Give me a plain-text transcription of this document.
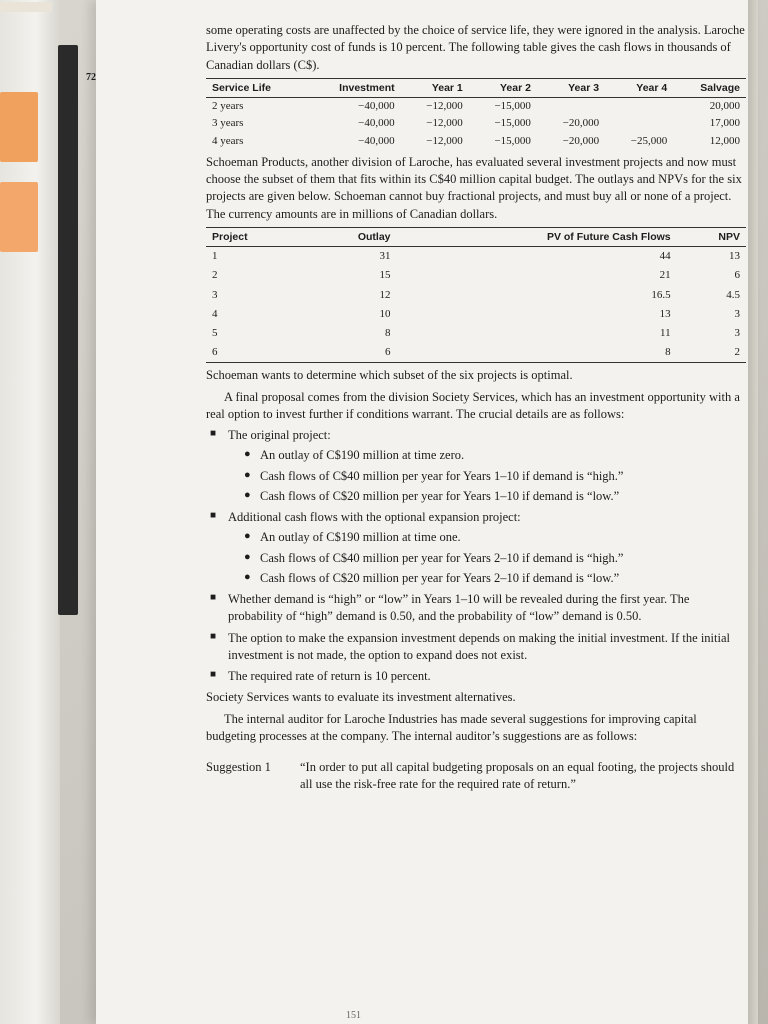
72

some operating costs are unaffected by the choice of service life, they were ignored in the analysis. Laroche Livery's opportunity cost of funds is 10 percent. The following table gives the cash flows in thousands of Canadian dollars (C$).

Service Life	Investment	Year 1	Year 2	Year 3	Year 4	Salvage
2 years	−40,000	−12,000	−15,000			20,000
3 years	−40,000	−12,000	−15,000	−20,000		17,000
4 years	−40,000	−12,000	−15,000	−20,000	−25,000	12,000

Schoeman Products, another division of Laroche, has evaluated several investment projects and now must choose the subset of them that fits within its C$40 million capital budget. The outlays and NPVs for the six projects are given below. Schoeman cannot buy fractional projects, and must buy all or none of a project. The currency amounts are in millions of Canadian dollars.

Project	Outlay	PV of Future Cash Flows	NPV
1	31	44	13
2	15	21	6
3	12	16.5	4.5
4	10	13	3
5	8	11	3
6	6	8	2

Schoeman wants to determine which subset of the six projects is optimal.

A final proposal comes from the division Society Services, which has an investment opportunity with a real option to invest further if conditions warrant. The crucial details are as follows:

■ The original project:
● An outlay of C$190 million at time zero.
● Cash flows of C$40 million per year for Years 1–10 if demand is “high.”
● Cash flows of C$20 million per year for Years 1–10 if demand is “low.”
■ Additional cash flows with the optional expansion project:
● An outlay of C$190 million at time one.
● Cash flows of C$40 million per year for Years 2–10 if demand is “high.”
● Cash flows of C$20 million per year for Years 2–10 if demand is “low.”
■ Whether demand is “high” or “low” in Years 1–10 will be revealed during the first year. The probability of “high” demand is 0.50, and the probability of “low” demand is 0.50.
■ The option to make the expansion investment depends on making the initial investment. If the initial investment is not made, the option to expand does not exist.
■ The required rate of return is 10 percent.

Society Services wants to evaluate its investment alternatives.

The internal auditor for Laroche Industries has made several suggestions for improving capital budgeting processes at the company. The internal auditor’s suggestions are as follows:

Suggestion 1	“In order to put all capital budgeting proposals on an equal footing, the projects should all use the risk-free rate for the required rate of return.”
151
